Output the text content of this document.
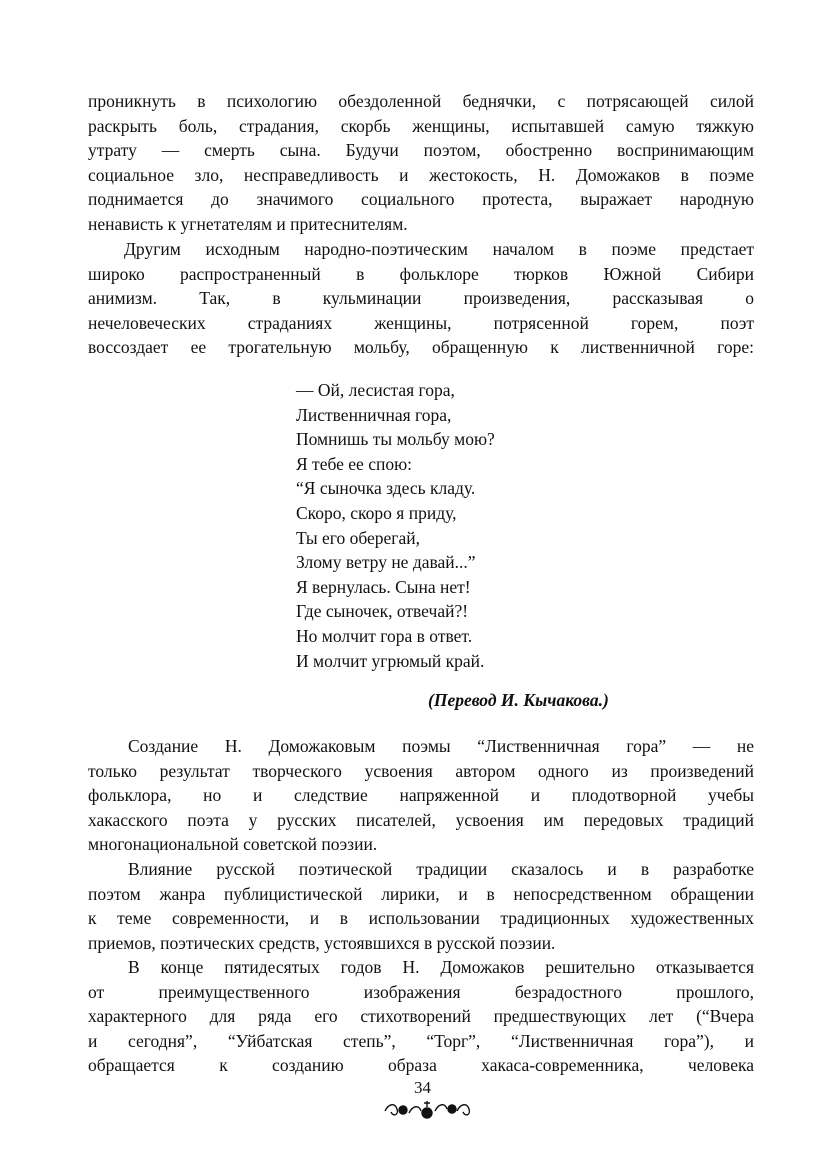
проникнуть в психологию обездоленной беднячки, с потрясающей силой
раскрыть боль, страдания, скорбь женщины, испытавшей самую тяжкую
утрату –– смерть сына. Будучи поэтом, обостренно воспринимающим
социальное зло, несправедливость и жестокость, Н. Доможаков в поэме
поднимается до значимого социального протеста, выражает народную
ненависть к угнетателям и притеснителям.
Другим исходным народно-поэтическим началом в поэме предстает
широко распространенный в фольклоре тюрков Южной Сибири
анимизм. Так, в кульминации произведения, рассказывая о
нечеловеческих страданиях женщины, потрясенной горем, поэт
воссоздает ее трогательную мольбу, обращенную к лиственничной горе:
— Ой, лесистая гора,
Лиственничная гора,
Помнишь ты мольбу мою?
Я тебе ее спою:
“Я сыночка здесь кладу.
Скоро, скоро я приду,
Ты его оберегай,
Злому ветру не давай...”
Я вернулась. Сына нет!
Где сыночек, отвечай?!
Но молчит гора в ответ.
И молчит угрюмый край.
(Перевод И. Кычакова.)
Создание Н. Доможаковым поэмы “Лиственничная гора” –– не
только результат творческого усвоения автором одного из произведений
фольклора, но и следствие напряженной и плодотворной учебы
хакасского поэта у русских писателей, усвоения им передовых традиций
многонациональной советской поэзии.
Влияние русской поэтической традиции сказалось и в разработке
поэтом жанра публицистической лирики, и в непосредственном обращении
к теме современности, и в использовании традиционных художественных
приемов, поэтических средств, устоявшихся в русской поэзии.
В конце пятидесятых годов Н. Доможаков решительно отказывается
от преимущественного изображения безрадостного прошлого,
характерного для ряда его стихотворений предшествующих лет (“Вчера
и сегодня”, “Уйбатская степь”, “Торг”, “Лиственничная гора”), и
обращается к созданию образа хакаса-современника, человека
34
